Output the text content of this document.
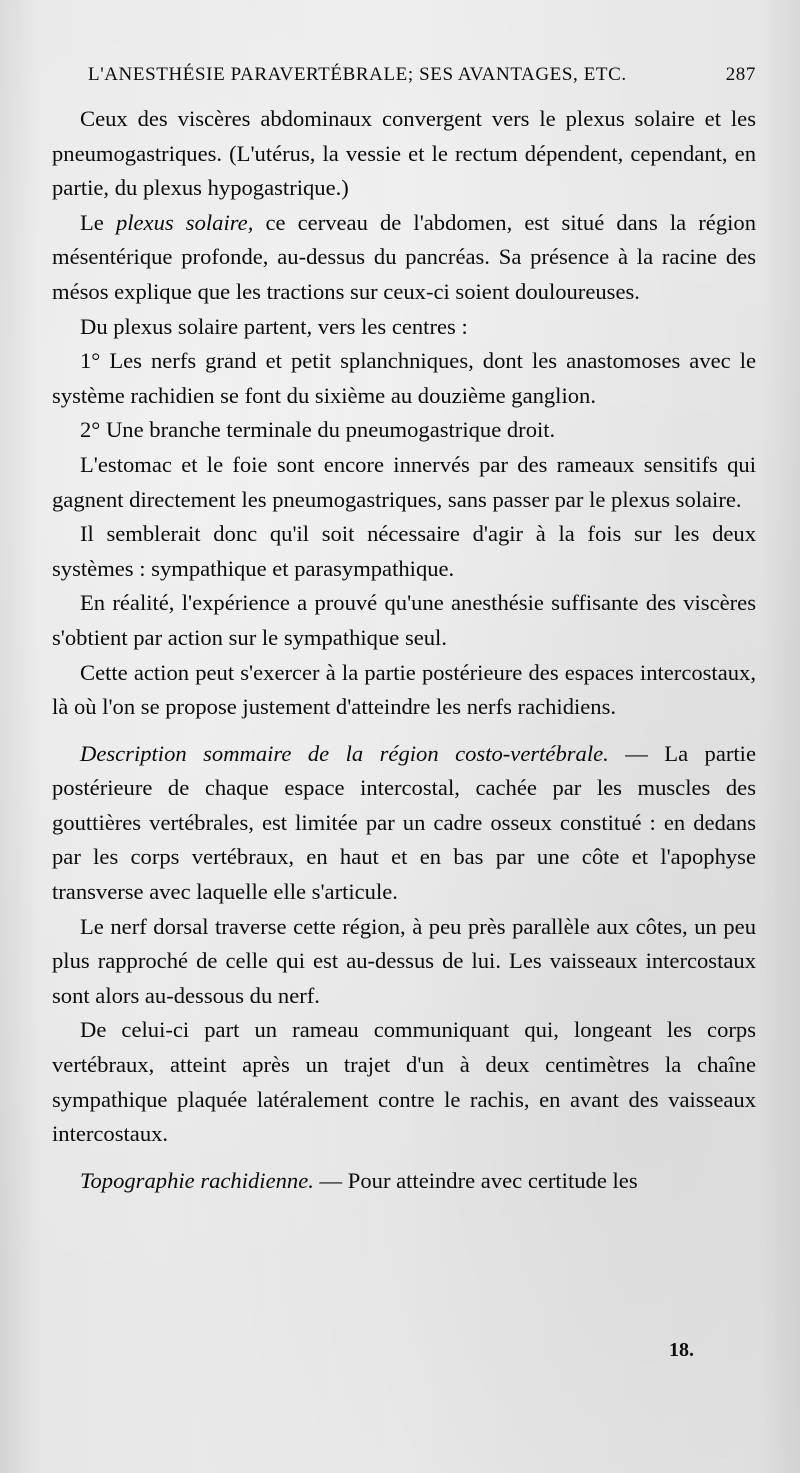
L'ANESTHÉSIE PARAVERTÉBRALE; SES AVANTAGES, ETC.	287

Ceux des viscères abdominaux convergent vers le plexus solaire et les pneumogastriques. (L'utérus, la vessie et le rectum dépendent, cependant, en partie, du plexus hypogastrique.)

Le plexus solaire, ce cerveau de l'abdomen, est situé dans la région mésentérique profonde, au-dessus du pancréas. Sa présence à la racine des mésos explique que les tractions sur ceux-ci soient douloureuses.

Du plexus solaire partent, vers les centres :

1° Les nerfs grand et petit splanchniques, dont les anastomoses avec le système rachidien se font du sixième au douzième ganglion.

2° Une branche terminale du pneumogastrique droit.

L'estomac et le foie sont encore innervés par des rameaux sensitifs qui gagnent directement les pneumogastriques, sans passer par le plexus solaire.

Il semblerait donc qu'il soit nécessaire d'agir à la fois sur les deux systèmes : sympathique et parasympathique.

En réalité, l'expérience a prouvé qu'une anesthésie suffisante des viscères s'obtient par action sur le sympathique seul.

Cette action peut s'exercer à la partie postérieure des espaces intercostaux, là où l'on se propose justement d'atteindre les nerfs rachidiens.

Description sommaire de la région costo-vertébrale. — La partie postérieure de chaque espace intercostal, cachée par les muscles des gouttières vertébrales, est limitée par un cadre osseux constitué : en dedans par les corps vertébraux, en haut et en bas par une côte et l'apophyse transverse avec laquelle elle s'articule.

Le nerf dorsal traverse cette région, à peu près parallèle aux côtes, un peu plus rapproché de celle qui est au-dessus de lui. Les vaisseaux intercostaux sont alors au-dessous du nerf.

De celui-ci part un rameau communiquant qui, longeant les corps vertébraux, atteint après un trajet d'un à deux centimètres la chaîne sympathique plaquée latéralement contre le rachis, en avant des vaisseaux intercostaux.

Topographie rachidienne. — Pour atteindre avec certitude les

18.
